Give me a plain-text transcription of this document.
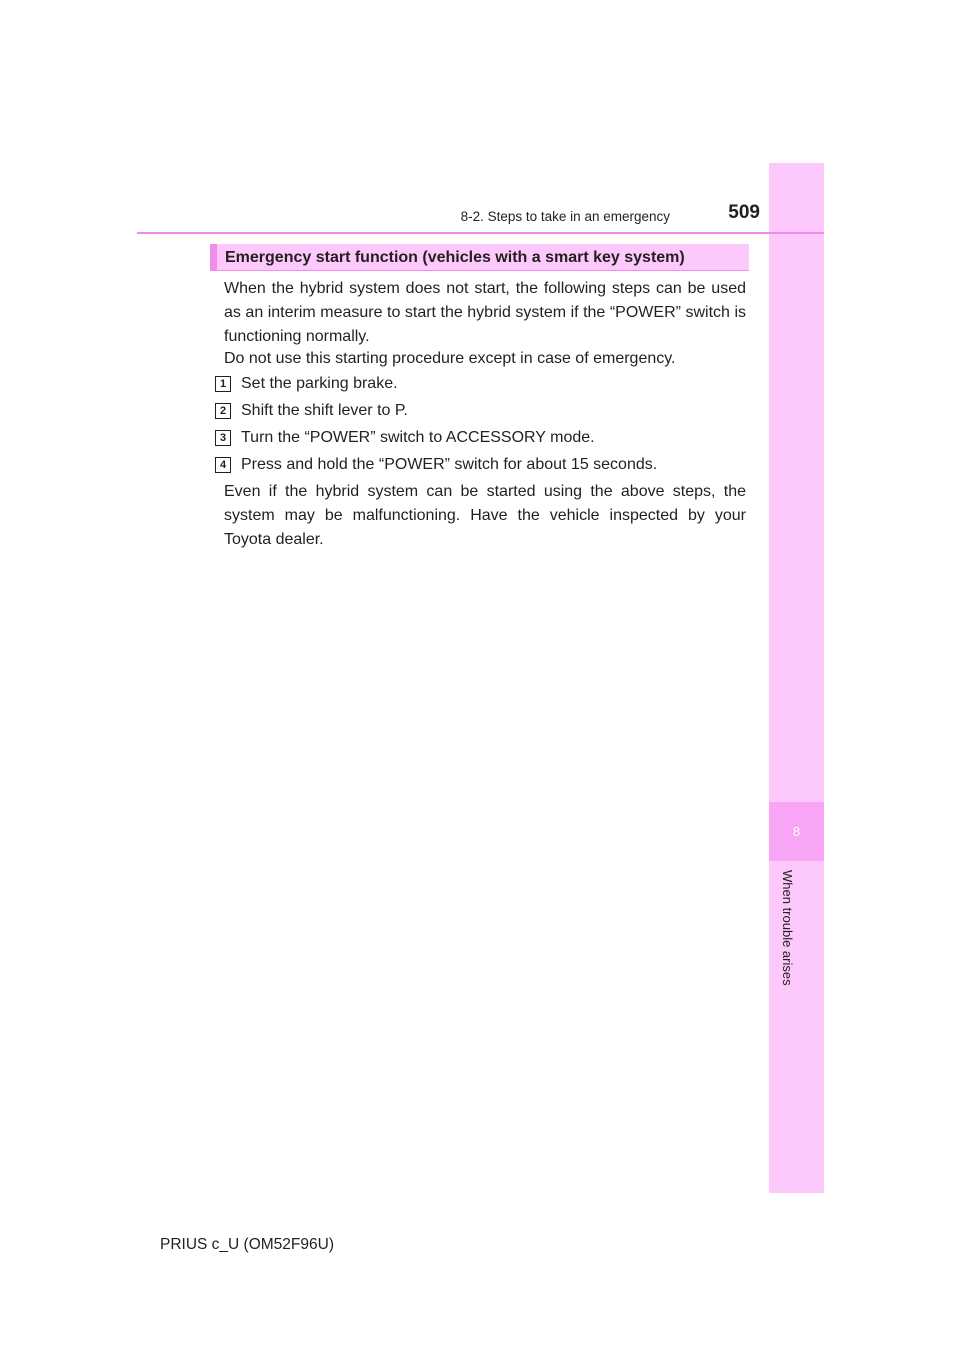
8
When trouble arises
8-2. Steps to take in an emergency	509
Emergency start function (vehicles with a smart key system)
When the hybrid system does not start, the following steps can be used as an interim measure to start the hybrid system if the “POWER” switch is functioning normally.
Do not use this starting procedure except in case of emergency.
1 Set the parking brake.
2 Shift the shift lever to P.
3 Turn the “POWER” switch to ACCESSORY mode.
4 Press and hold the “POWER” switch for about 15 seconds.
Even if the hybrid system can be started using the above steps, the system may be malfunctioning. Have the vehicle inspected by your Toyota dealer.
PRIUS c_U (OM52F96U)
